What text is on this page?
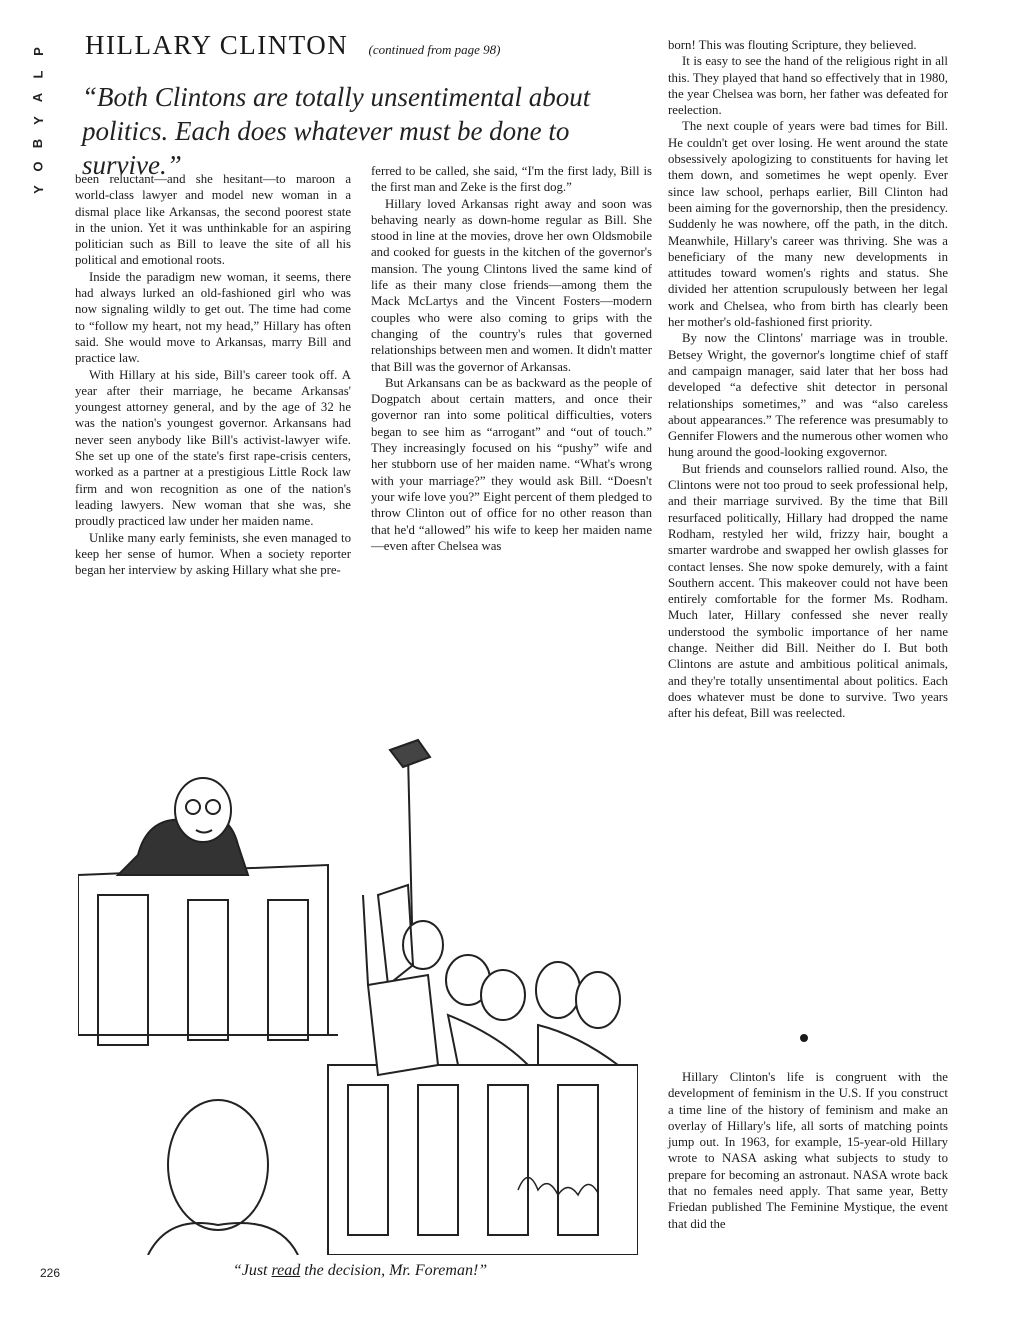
P
L
A
Y
B
O
Y
HILLARY CLINTON (continued from page 98)
“Both Clintons are totally unsentimental about politics. Each does whatever must be done to survive.”

been reluctant—and she hesitant—to maroon a world-class lawyer and model new woman in a dismal place like Arkansas, the second poorest state in the union. Yet it was unthinkable for an aspiring politician such as Bill to leave the site of all his political and emotional roots.

Inside the paradigm new woman, it seems, there had always lurked an old-fashioned girl who was now signaling wildly to get out. The time had come to “follow my heart, not my head,” Hillary has often said. She would move to Arkansas, marry Bill and practice law.

With Hillary at his side, Bill's career took off. A year after their marriage, he became Arkansas' youngest attorney general, and by the age of 32 he was the nation's youngest governor. Arkansans had never seen anybody like Bill's activist-lawyer wife. She set up one of the state's first rape-crisis centers, worked as a partner at a prestigious Little Rock law firm and won recognition as one of the nation's leading lawyers. New woman that she was, she proudly practiced law under her maiden name.

Unlike many early feminists, she even managed to keep her sense of humor. When a society reporter began her interview by asking Hillary what she pre-

ferred to be called, she said, “I'm the first lady, Bill is the first man and Zeke is the first dog.”

Hillary loved Arkansas right away and soon was behaving nearly as down-home regular as Bill. She stood in line at the movies, drove her own Oldsmobile and cooked for guests in the kitchen of the governor's mansion. The young Clintons lived the same kind of life as their many close friends—among them the Mack McLartys and the Vincent Fosters—modern couples who were also coming to grips with the changing of the country's rules that governed relationships between men and women. It didn't matter that Bill was the governor of Arkansas.

But Arkansans can be as backward as the people of Dogpatch about certain matters, and once their governor ran into some political difficulties, voters began to see him as “arrogant” and “out of touch.” They increasingly focused on his “pushy” wife and her stubborn use of her maiden name. “What's wrong with your marriage?” they would ask Bill. “Doesn't your wife love you?” Eight percent of them pledged to throw Clinton out of office for no other reason than that he'd “allowed” his wife to keep her maiden name—even after Chelsea was

born! This was flouting Scripture, they believed.

It is easy to see the hand of the religious right in all this. They played that hand so effectively that in 1980, the year Chelsea was born, her father was defeated for reelection.

The next couple of years were bad times for Bill. He couldn't get over losing. He went around the state obsessively apologizing to constituents for having let them down, and sometimes he wept openly. Ever since law school, perhaps earlier, Bill Clinton had been aiming for the governorship, then the presidency. Suddenly he was nowhere, off the path, in the ditch. Meanwhile, Hillary's career was thriving. She was a beneficiary of the many new developments in attitudes toward women's rights and status. She divided her attention scrupulously between her legal work and Chelsea, who from birth has clearly been her mother's old-fashioned first priority.

By now the Clintons' marriage was in trouble. Betsey Wright, the governor's longtime chief of staff and campaign manager, said later that her boss had developed “a defective shit detector in personal relationships sometimes,” and was “also careless about appearances.” The reference was presumably to Gennifer Flowers and the numerous other women who hung around the good-looking exgovernor.

But friends and counselors rallied round. Also, the Clintons were not too proud to seek professional help, and their marriage survived. By the time that Bill resurfaced politically, Hillary had dropped the name Rodham, restyled her wild, frizzy hair, bought a smarter wardrobe and swapped her owlish glasses for contact lenses. She now spoke demurely, with a faint Southern accent. This makeover could not have been entirely comfortable for the former Ms. Rodham. Much later, Hillary confessed she never really understood the symbolic importance of her name change. Neither did Bill. Neither do I. But both Clintons are astute and ambitious political animals, and they're totally unsentimental about politics. Each does whatever must be done to survive. Two years after his defeat, Bill was reelected.

Hillary Clinton's life is congruent with the development of feminism in the U.S. If you construct a time line of the history of feminism and make an overlay of Hillary's life, all sorts of matching points jump out. In 1963, for example, 15-year-old Hillary wrote to NASA asking what subjects to study to prepare for becoming an astronaut. NASA wrote back that no females need apply. That same year, Betty Friedan published The Feminine Mystique, the event that did the

“Just read the decision, Mr. Foreman!”
226
